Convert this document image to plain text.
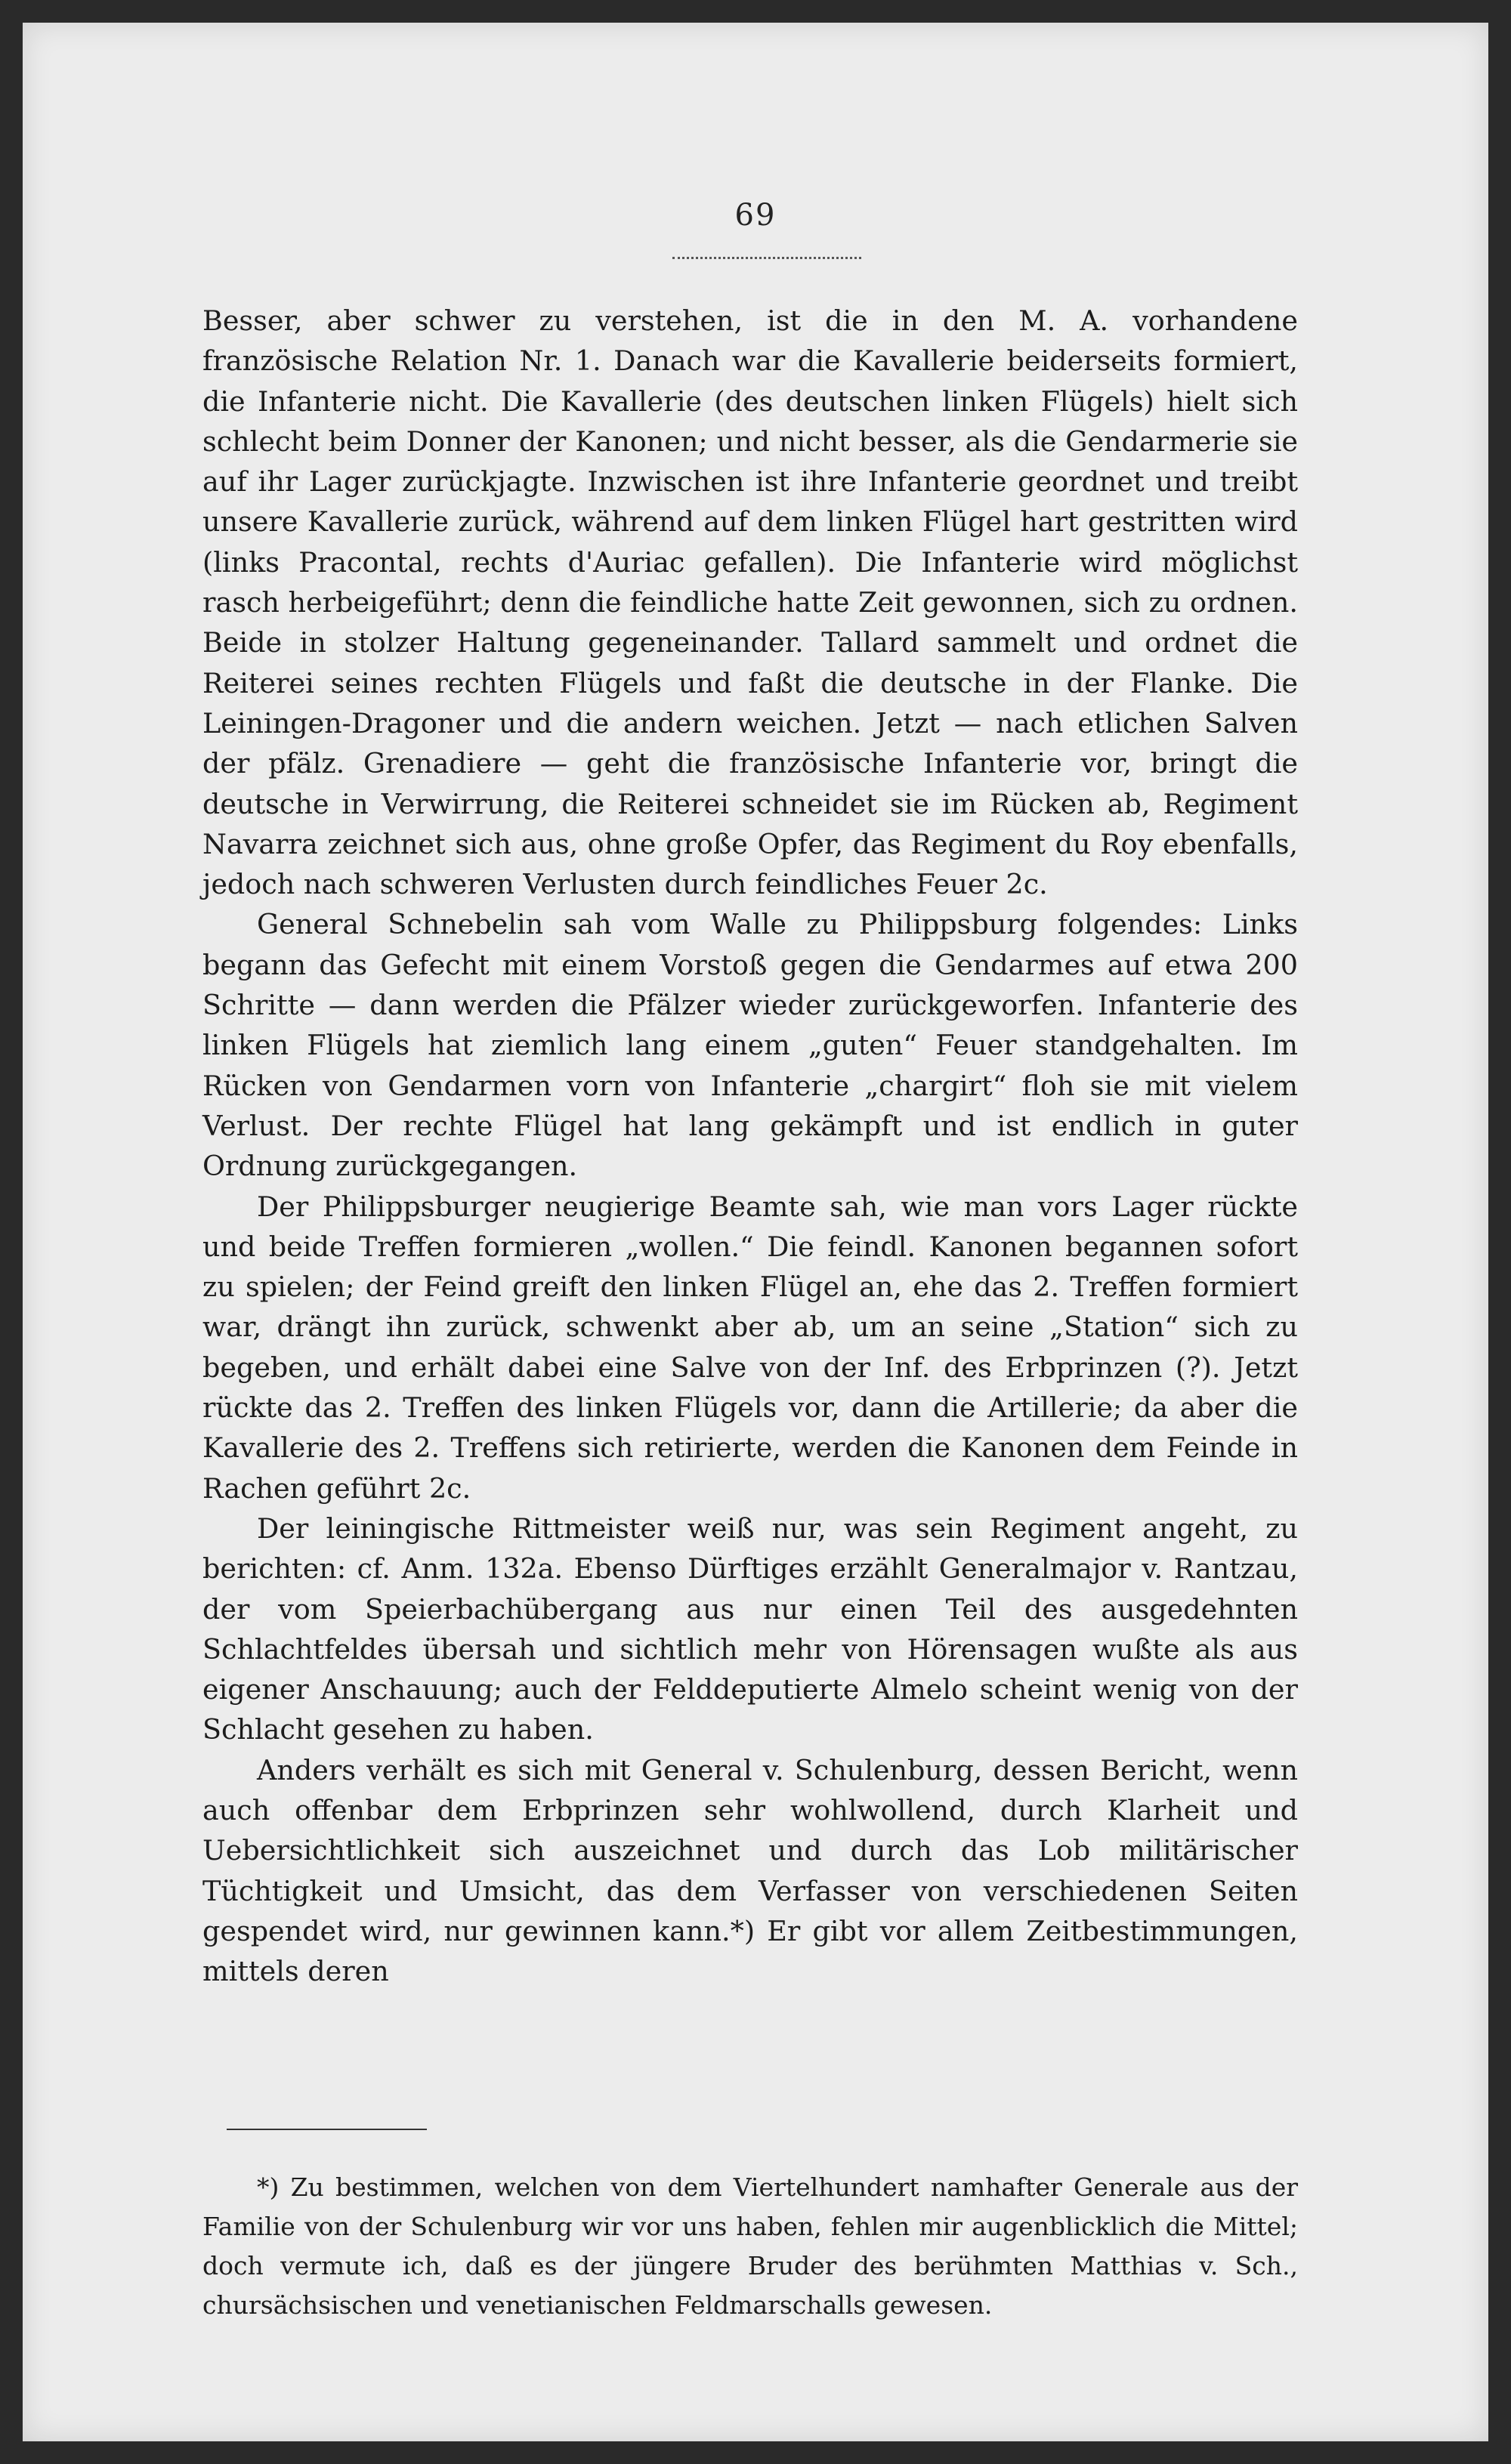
69

Besser, aber schwer zu verstehen, ist die in den M. A. vorhandene französische Relation Nr. 1. Danach war die Kavallerie beiderseits formiert, die Infanterie nicht. Die Kavallerie (des deutschen linken Flügels) hielt sich schlecht beim Donner der Kanonen; und nicht besser, als die Gendarmerie sie auf ihr Lager zurückjagte. Inzwischen ist ihre Infanterie geordnet und treibt unsere Kavallerie zurück, während auf dem linken Flügel hart gestritten wird (links Pracontal, rechts d'Auriac gefallen). Die Infanterie wird möglichst rasch herbeigeführt; denn die feindliche hatte Zeit gewonnen, sich zu ordnen. Beide in stolzer Haltung gegeneinander. Tallard sammelt und ordnet die Reiterei seines rechten Flügels und faßt die deutsche in der Flanke. Die Leiningen-Dragoner und die andern weichen. Jetzt — nach etlichen Salven der pfälz. Grenadiere — geht die französische Infanterie vor, bringt die deutsche in Verwirrung, die Reiterei schneidet sie im Rücken ab, Regiment Navarra zeichnet sich aus, ohne große Opfer, das Regiment du Roy ebenfalls, jedoch nach schweren Verlusten durch feindliches Feuer 2c.

General Schnebelin sah vom Walle zu Philippsburg folgendes: Links begann das Gefecht mit einem Vorstoß gegen die Gendarmes auf etwa 200 Schritte — dann werden die Pfälzer wieder zurückgeworfen. Infanterie des linken Flügels hat ziemlich lang einem „guten“ Feuer standgehalten. Im Rücken von Gendarmen vorn von Infanterie „chargirt“ floh sie mit vielem Verlust. Der rechte Flügel hat lang gekämpft und ist endlich in guter Ordnung zurückgegangen.

Der Philippsburger neugierige Beamte sah, wie man vors Lager rückte und beide Treffen formieren „wollen.“ Die feindl. Kanonen begannen sofort zu spielen; der Feind greift den linken Flügel an, ehe das 2. Treffen formiert war, drängt ihn zurück, schwenkt aber ab, um an seine „Station“ sich zu begeben, und erhält dabei eine Salve von der Inf. des Erbprinzen (?). Jetzt rückte das 2. Treffen des linken Flügels vor, dann die Artillerie; da aber die Kavallerie des 2. Treffens sich retirierte, werden die Kanonen dem Feinde in Rachen geführt 2c.

Der leiningische Rittmeister weiß nur, was sein Regiment angeht, zu berichten: cf. Anm. 132a. Ebenso Dürftiges erzählt Generalmajor v. Rantzau, der vom Speierbachübergang aus nur einen Teil des ausgedehnten Schlachtfeldes übersah und sichtlich mehr von Hörensagen wußte als aus eigener Anschauung; auch der Felddeputierte Almelo scheint wenig von der Schlacht gesehen zu haben.

Anders verhält es sich mit General v. Schulenburg, dessen Bericht, wenn auch offenbar dem Erbprinzen sehr wohlwollend, durch Klarheit und Uebersichtlichkeit sich auszeichnet und durch das Lob militärischer Tüchtigkeit und Umsicht, das dem Verfasser von verschiedenen Seiten gespendet wird, nur gewinnen kann.*) Er gibt vor allem Zeitbestimmungen, mittels deren

*) Zu bestimmen, welchen von dem Viertelhundert namhafter Generale aus der Familie von der Schulenburg wir vor uns haben, fehlen mir augenblicklich die Mittel; doch vermute ich, daß es der jüngere Bruder des berühmten Matthias v. Sch., chursächsischen und venetianischen Feldmarschalls gewesen.
